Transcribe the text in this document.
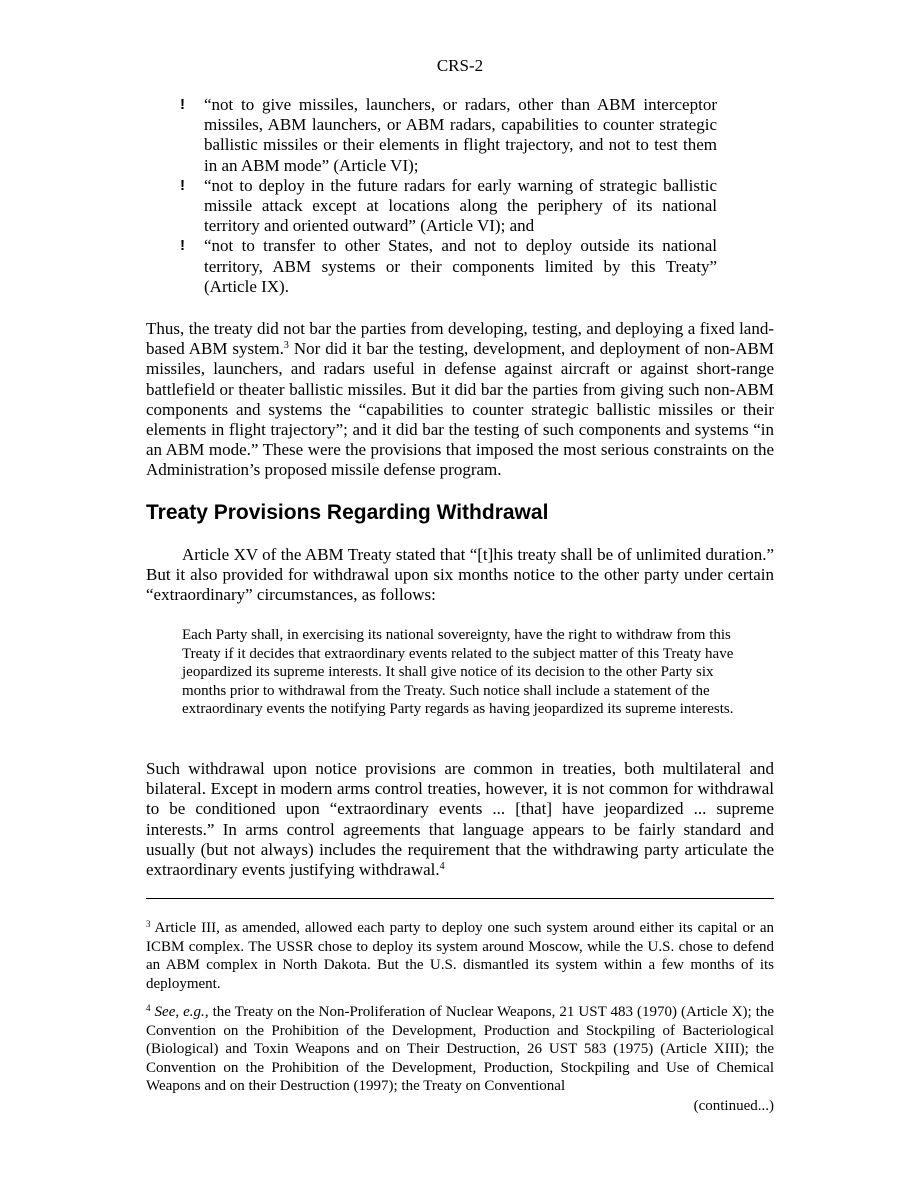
CRS-2
! “not to give missiles, launchers, or radars, other than ABM interceptor missiles, ABM launchers, or ABM radars, capabilities to counter strategic ballistic missiles or their elements in flight trajectory, and not to test them in an ABM mode” (Article VI);
! “not to deploy in the future radars for early warning of strategic ballistic missile attack except at locations along the periphery of its national territory and oriented outward” (Article VI); and
! “not to transfer to other States, and not to deploy outside its national territory, ABM systems or their components limited by this Treaty” (Article IX).

Thus, the treaty did not bar the parties from developing, testing, and deploying a fixed land-based ABM system.$^3$ Nor did it bar the testing, development, and deployment of non-ABM missiles, launchers, and radars useful in defense against aircraft or against short-range battlefield or theater ballistic missiles. But it did bar the parties from giving such non-ABM components and systems the “capabilities to counter strategic ballistic missiles or their elements in flight trajectory”; and it did bar the testing of such components and systems “in an ABM mode.” These were the provisions that imposed the most serious constraints on the Administration’s proposed missile defense program.

Treaty Provisions Regarding Withdrawal

Article XV of the ABM Treaty stated that “[t]his treaty shall be of unlimited duration.” But it also provided for withdrawal upon six months notice to the other party under certain “extraordinary” circumstances, as follows:

Each Party shall, in exercising its national sovereignty, have the right to withdraw from this Treaty if it decides that extraordinary events related to the subject matter of this Treaty have jeopardized its supreme interests. It shall give notice of its decision to the other Party six months prior to withdrawal from the Treaty. Such notice shall include a statement of the extraordinary events the notifying Party regards as having jeopardized its supreme interests.

Such withdrawal upon notice provisions are common in treaties, both multilateral and bilateral. Except in modern arms control treaties, however, it is not common for withdrawal to be conditioned upon “extraordinary events ... [that] have jeopardized ... supreme interests.” In arms control agreements that language appears to be fairly standard and usually (but not always) includes the requirement that the withdrawing party articulate the extraordinary events justifying withdrawal.$^4$

$^3$ Article III, as amended, allowed each party to deploy one such system around either its capital or an ICBM complex. The USSR chose to deploy its system around Moscow, while the U.S. chose to defend an ABM complex in North Dakota. But the U.S. dismantled its system within a few months of its deployment.

$^4$ See, e.g., the Treaty on the Non-Proliferation of Nuclear Weapons, 21 UST 483 (1970) (Article X); the Convention on the Prohibition of the Development, Production and Stockpiling of Bacteriological (Biological) and Toxin Weapons and on Their Destruction, 26 UST 583 (1975) (Article XIII); the Convention on the Prohibition of the Development, Production, Stockpiling and Use of Chemical Weapons and on their Destruction (1997); the Treaty on Conventional

(continued...)
